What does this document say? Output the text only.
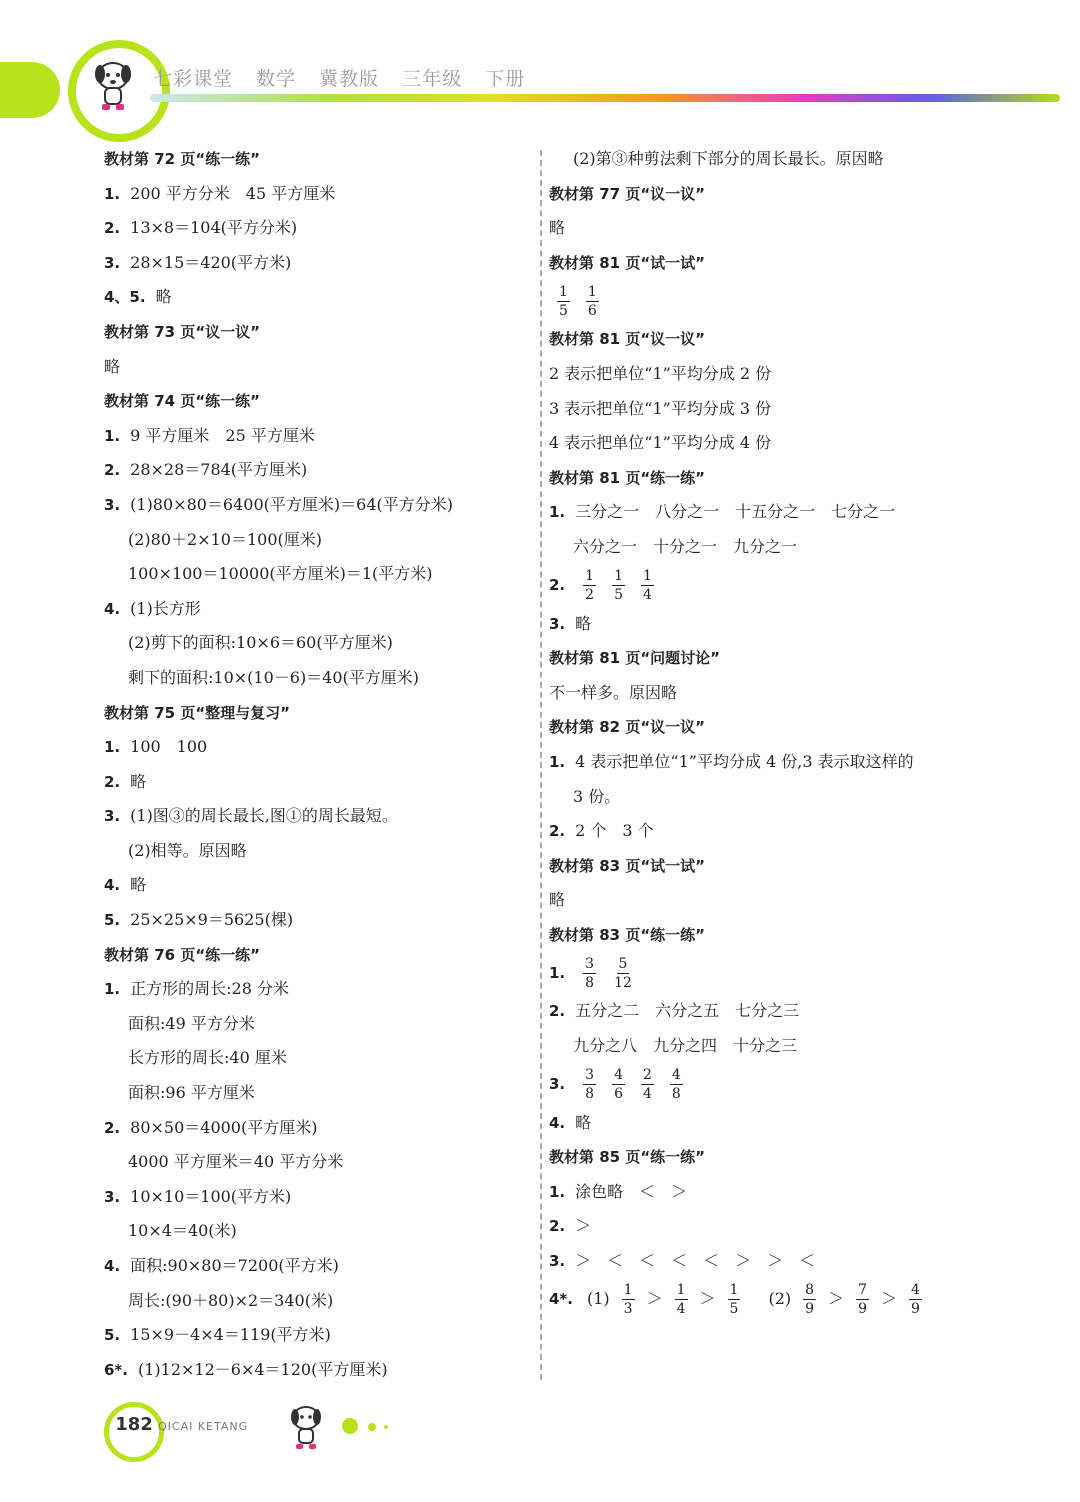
七彩课堂 数学 冀教版 三年级 下册
教材第 72 页“练一练”
1. 200 平方分米　45 平方厘米
2. 13×8＝104(平方分米)
3. 28×15＝420(平方米)
4、5. 略
教材第 73 页“议一议”
略
教材第 74 页“练一练”
1. 9 平方厘米　25 平方厘米
2. 28×28＝784(平方厘米)
3. (1)80×80＝6400(平方厘米)＝64(平方分米)
(2)80＋2×10＝100(厘米)
100×100＝10000(平方厘米)＝1(平方米)
4. (1)长方形
(2)剪下的面积:10×6＝60(平方厘米)
剩下的面积:10×(10－6)＝40(平方厘米)
教材第 75 页“整理与复习”
1. 100　100
2. 略
3. (1)图③的周长最长,图①的周长最短。
(2)相等。原因略
4. 略
5. 25×25×9＝5625(棵)
教材第 76 页“练一练”
1. 正方形的周长:28 分米
面积:49 平方分米
长方形的周长:40 厘米
面积:96 平方厘米
2. 80×50＝4000(平方厘米)
4000 平方厘米＝40 平方分米
3. 10×10＝100(平方米)
10×4＝40(米)
4. 面积:90×80＝7200(平方米)
周长:(90＋80)×2＝340(米)
5. 15×9－4×4＝119(平方米)
6*. (1)12×12－6×4＝120(平方厘米)
(2)第③种剪法剩下部分的周长最长。原因略
教材第 77 页“议一议”
略
教材第 81 页“试一试”
$\frac{1}{5} \frac{1}{6}$
教材第 81 页“议一议”
2 表示把单位“1”平均分成 2 份
3 表示把单位“1”平均分成 3 份
4 表示把单位“1”平均分成 4 份
教材第 81 页“练一练”
1. 三分之一　八分之一　十五分之一　七分之一
六分之一　十分之一　九分之一
2. $\frac{1}{2} \frac{1}{5} \frac{1}{4}$
3. 略
教材第 81 页“问题讨论”
不一样多。原因略
教材第 82 页“议一议”
1. 4 表示把单位“1”平均分成 4 份,3 表示取这样的
3 份。
2. 2 个　3 个
教材第 83 页“试一试”
略
教材第 83 页“练一练”
1. $\frac{3}{8} \frac{5}{12}$
2. 五分之二　六分之五　七分之三
九分之八　九分之四　十分之三
3. $\frac{3}{8} \frac{4}{6} \frac{2}{4} \frac{4}{8}$
4. 略
教材第 85 页“练一练”
1. 涂色略　＜　＞
2. ＞
3. ＞　＜　＜　＜　＜　＞　＞　＜
4*. $(1) \frac{1}{3} > \frac{1}{4} > \frac{1}{5}$ 　$(2) \frac{8}{9} > \frac{7}{9} > \frac{4}{9}$
182 QICAI KETANG
